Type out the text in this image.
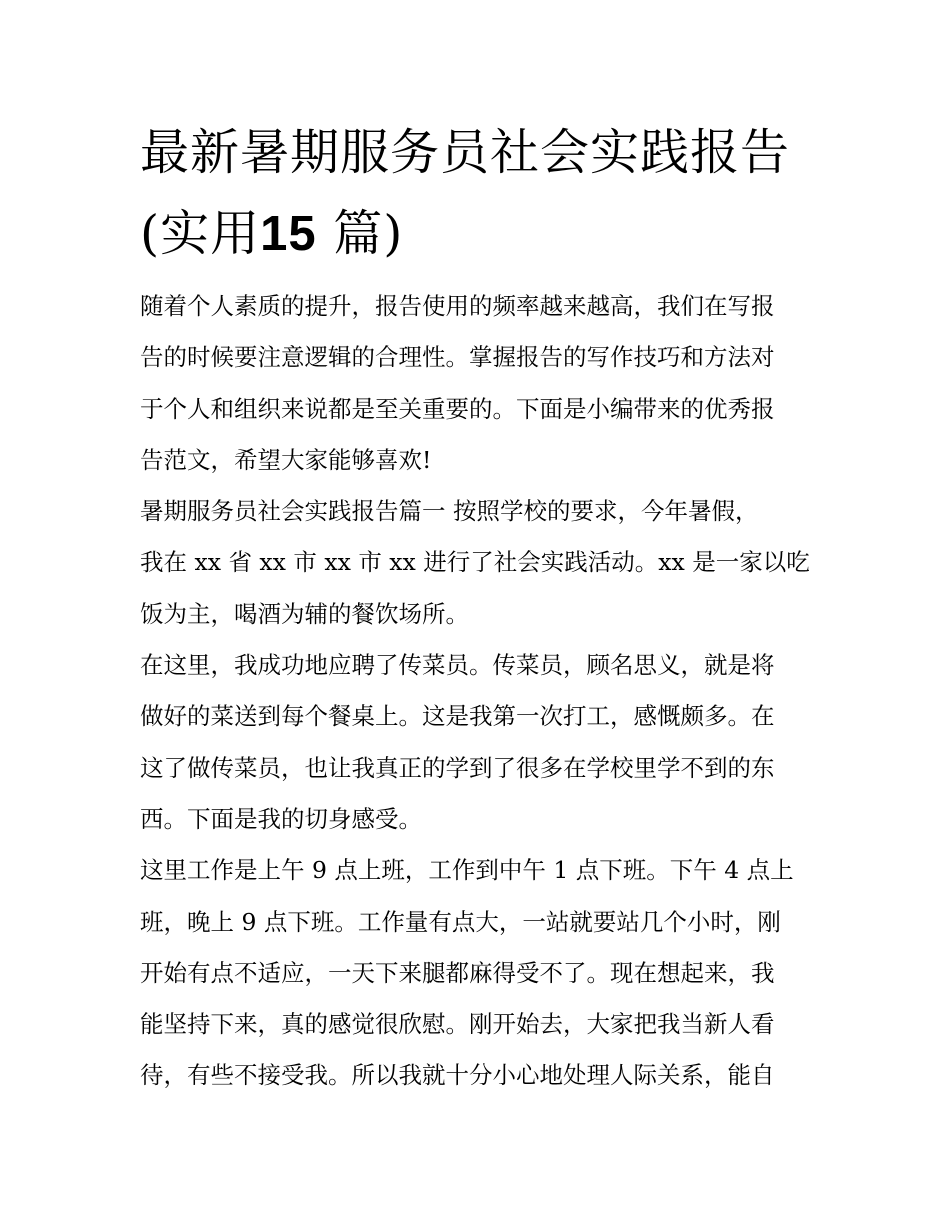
最新暑期服务员社会实践报告
(实用15 篇)
随着个人素质的提升，报告使用的频率越来越高，我们在写报
告的时候要注意逻辑的合理性。掌握报告的写作技巧和方法对
于个人和组织来说都是至关重要的。下面是小编带来的优秀报
告范文，希望大家能够喜欢!
暑期服务员社会实践报告篇一 按照学校的要求，今年暑假，
我在 xx 省 xx 市 xx 市 xx 进行了社会实践活动。xx 是一家以吃
饭为主，喝酒为辅的餐饮场所。
在这里，我成功地应聘了传菜员。传菜员，顾名思义，就是将
做好的菜送到每个餐桌上。这是我第一次打工，感慨颇多。在
这了做传菜员，也让我真正的学到了很多在学校里学不到的东
西。下面是我的切身感受。
这里工作是上午 9 点上班，工作到中午 1 点下班。下午 4 点上
班，晚上 9 点下班。工作量有点大，一站就要站几个小时，刚
开始有点不适应，一天下来腿都麻得受不了。现在想起来，我
能坚持下来，真的感觉很欣慰。刚开始去，大家把我当新人看
待，有些不接受我。所以我就十分小心地处理人际关系，能自
